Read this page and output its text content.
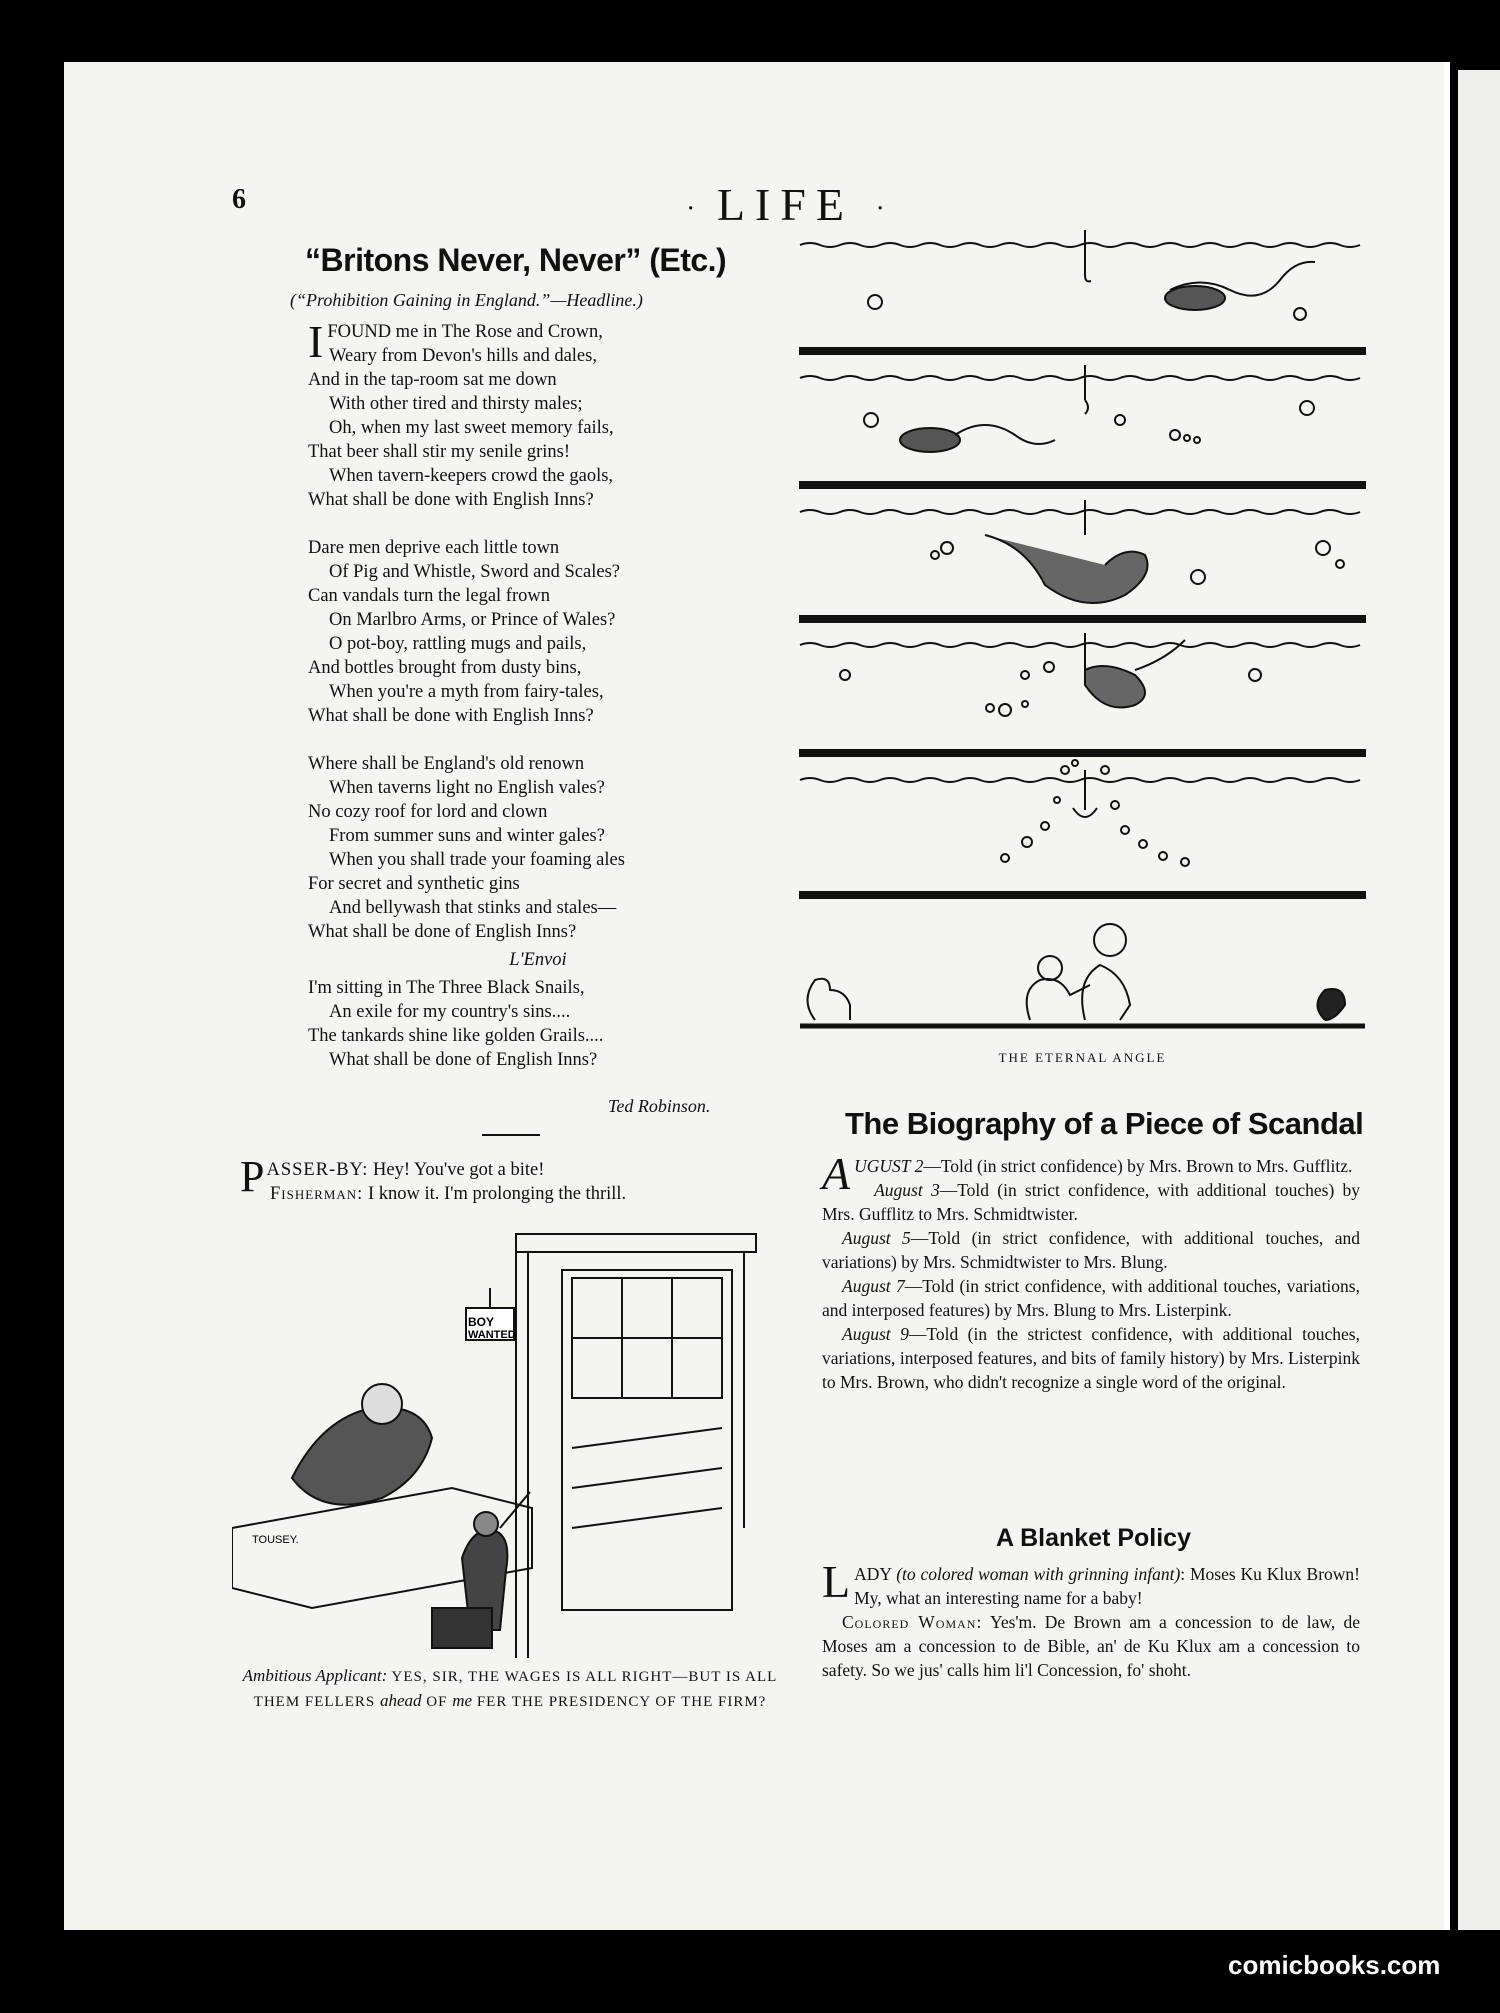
6	· LIFE ·
“Britons Never, Never” (Etc.)
(“Prohibition Gaining in England.”—Headline.)
IFOUND me in The Rose and Crown,
Weary from Devon's hills and dales,
And in the tap-room sat me down
With other tired and thirsty males;
Oh, when my last sweet memory fails,
That beer shall stir my senile grins!
When tavern-keepers crowd the gaols,
What shall be done with English Inns?
Dare men deprive each little town
Of Pig and Whistle, Sword and Scales?
Can vandals turn the legal frown
On Marlbro Arms, or Prince of Wales?
O pot-boy, rattling mugs and pails,
And bottles brought from dusty bins,
When you're a myth from fairy-tales,
What shall be done with English Inns?
Where shall be England's old renown
When taverns light no English vales?
No cozy roof for lord and clown
From summer suns and winter gales?
When you shall trade your foaming ales
For secret and synthetic gins
And bellywash that stinks and stales—
What shall be done of English Inns?
L'Envoi
I'm sitting in The Three Black Snails,
An exile for my country's sins....
The tankards shine like golden Grails....
What shall be done of English Inns?
Ted Robinson.
P ASSER-BY: Hey! You've got a bite!
Fisherman: I know it. I'm prolonging the thrill.
BOY
WANTED
TOUSEY.
Ambitious Applicant: YES, SIR, THE WAGES IS ALL RIGHT—BUT IS ALL THEM FELLERS ahead OF me FER THE PRESIDENCY OF THE FIRM?
THE ETERNAL ANGLE
The Biography of a Piece of Scandal

AUGUST 2—Told (in strict confidence) by Mrs. Brown to Mrs. Gufflitz.

August 3—Told (in strict confidence, with additional touches) by Mrs. Gufflitz to Mrs. Schmidtwister.

August 5—Told (in strict confidence, with additional touches, and variations) by Mrs. Schmidtwister to Mrs. Blung.

August 7—Told (in strict confidence, with additional touches, variations, and interposed features) by Mrs. Blung to Mrs. Listerpink.

August 9—Told (in the strictest confidence, with additional touches, variations, interposed features, and bits of family history) by Mrs. Listerpink to Mrs. Brown, who didn't recognize a single word of the original.

A Blanket Policy

LADY (to colored woman with grinning infant): Moses Ku Klux Brown! My, what an interesting name for a baby!

Colored Woman: Yes'm. De Brown am a concession to de law, de Moses am a concession to de Bible, an' de Ku Klux am a concession to safety. So we jus' calls him li'l Concession, fo' shoht.

comicbooks.com
